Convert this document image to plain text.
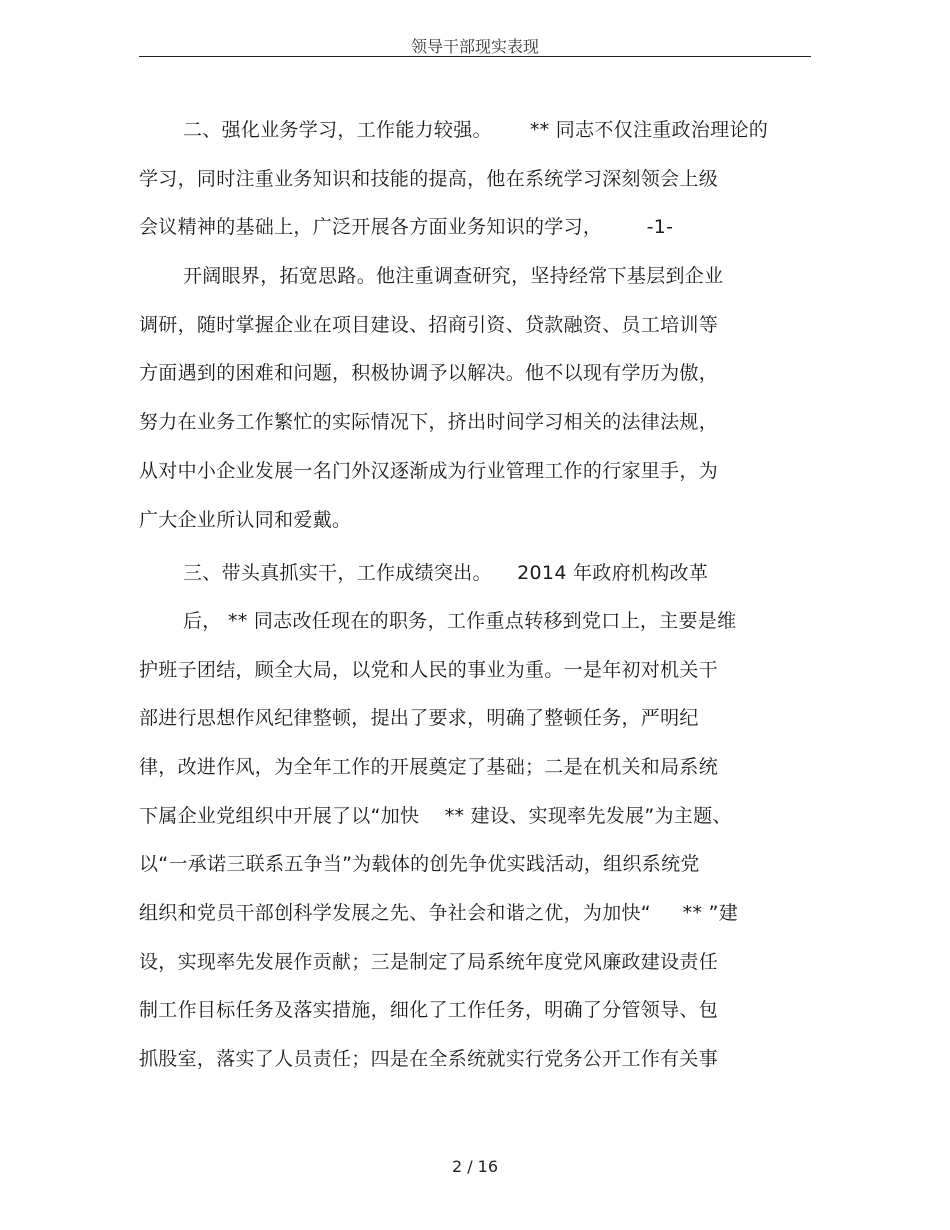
领导干部现实表现
二、强化业务学习，工作能力较强。      ** 同志不仅注重政治理论的
学习，同时注重业务知识和技能的提高，他在系统学习深刻领会上级
会议精神的基础上，广泛开展各方面业务知识的学习，       -1-
开阔眼界，拓宽思路。他注重调查研究，坚持经常下基层到企业
调研，随时掌握企业在项目建设、招商引资、贷款融资、员工培训等
方面遇到的困难和问题，积极协调予以解决。他不以现有学历为傲，
努力在业务工作繁忙的实际情况下，挤出时间学习相关的法律法规，
从对中小企业发展一名门外汉逐渐成为行业管理工作的行家里手，为
广大企业所认同和爱戴。
三、带头真抓实干，工作成绩突出。    2014 年政府机构改革
后， ** 同志改任现在的职务，工作重点转移到党口上，主要是维
护班子团结，顾全大局，以党和人民的事业为重。一是年初对机关干
部进行思想作风纪律整顿，提出了要求，明确了整顿任务，严明纪
律，改进作风，为全年工作的开展奠定了基础；二是在机关和局系统
下属企业党组织中开展了以“加快    ** 建设、实现率先发展”为主题、
以“一承诺三联系五争当”为载体的创先争优实践活动，组织系统党
组织和党员干部创科学发展之先、争社会和谐之优，为加快“     ** ”建
设，实现率先发展作贡献；三是制定了局系统年度党风廉政建设责任
制工作目标任务及落实措施，细化了工作任务，明确了分管领导、包
抓股室，落实了人员责任；四是在全系统就实行党务公开工作有关事
2 / 16
